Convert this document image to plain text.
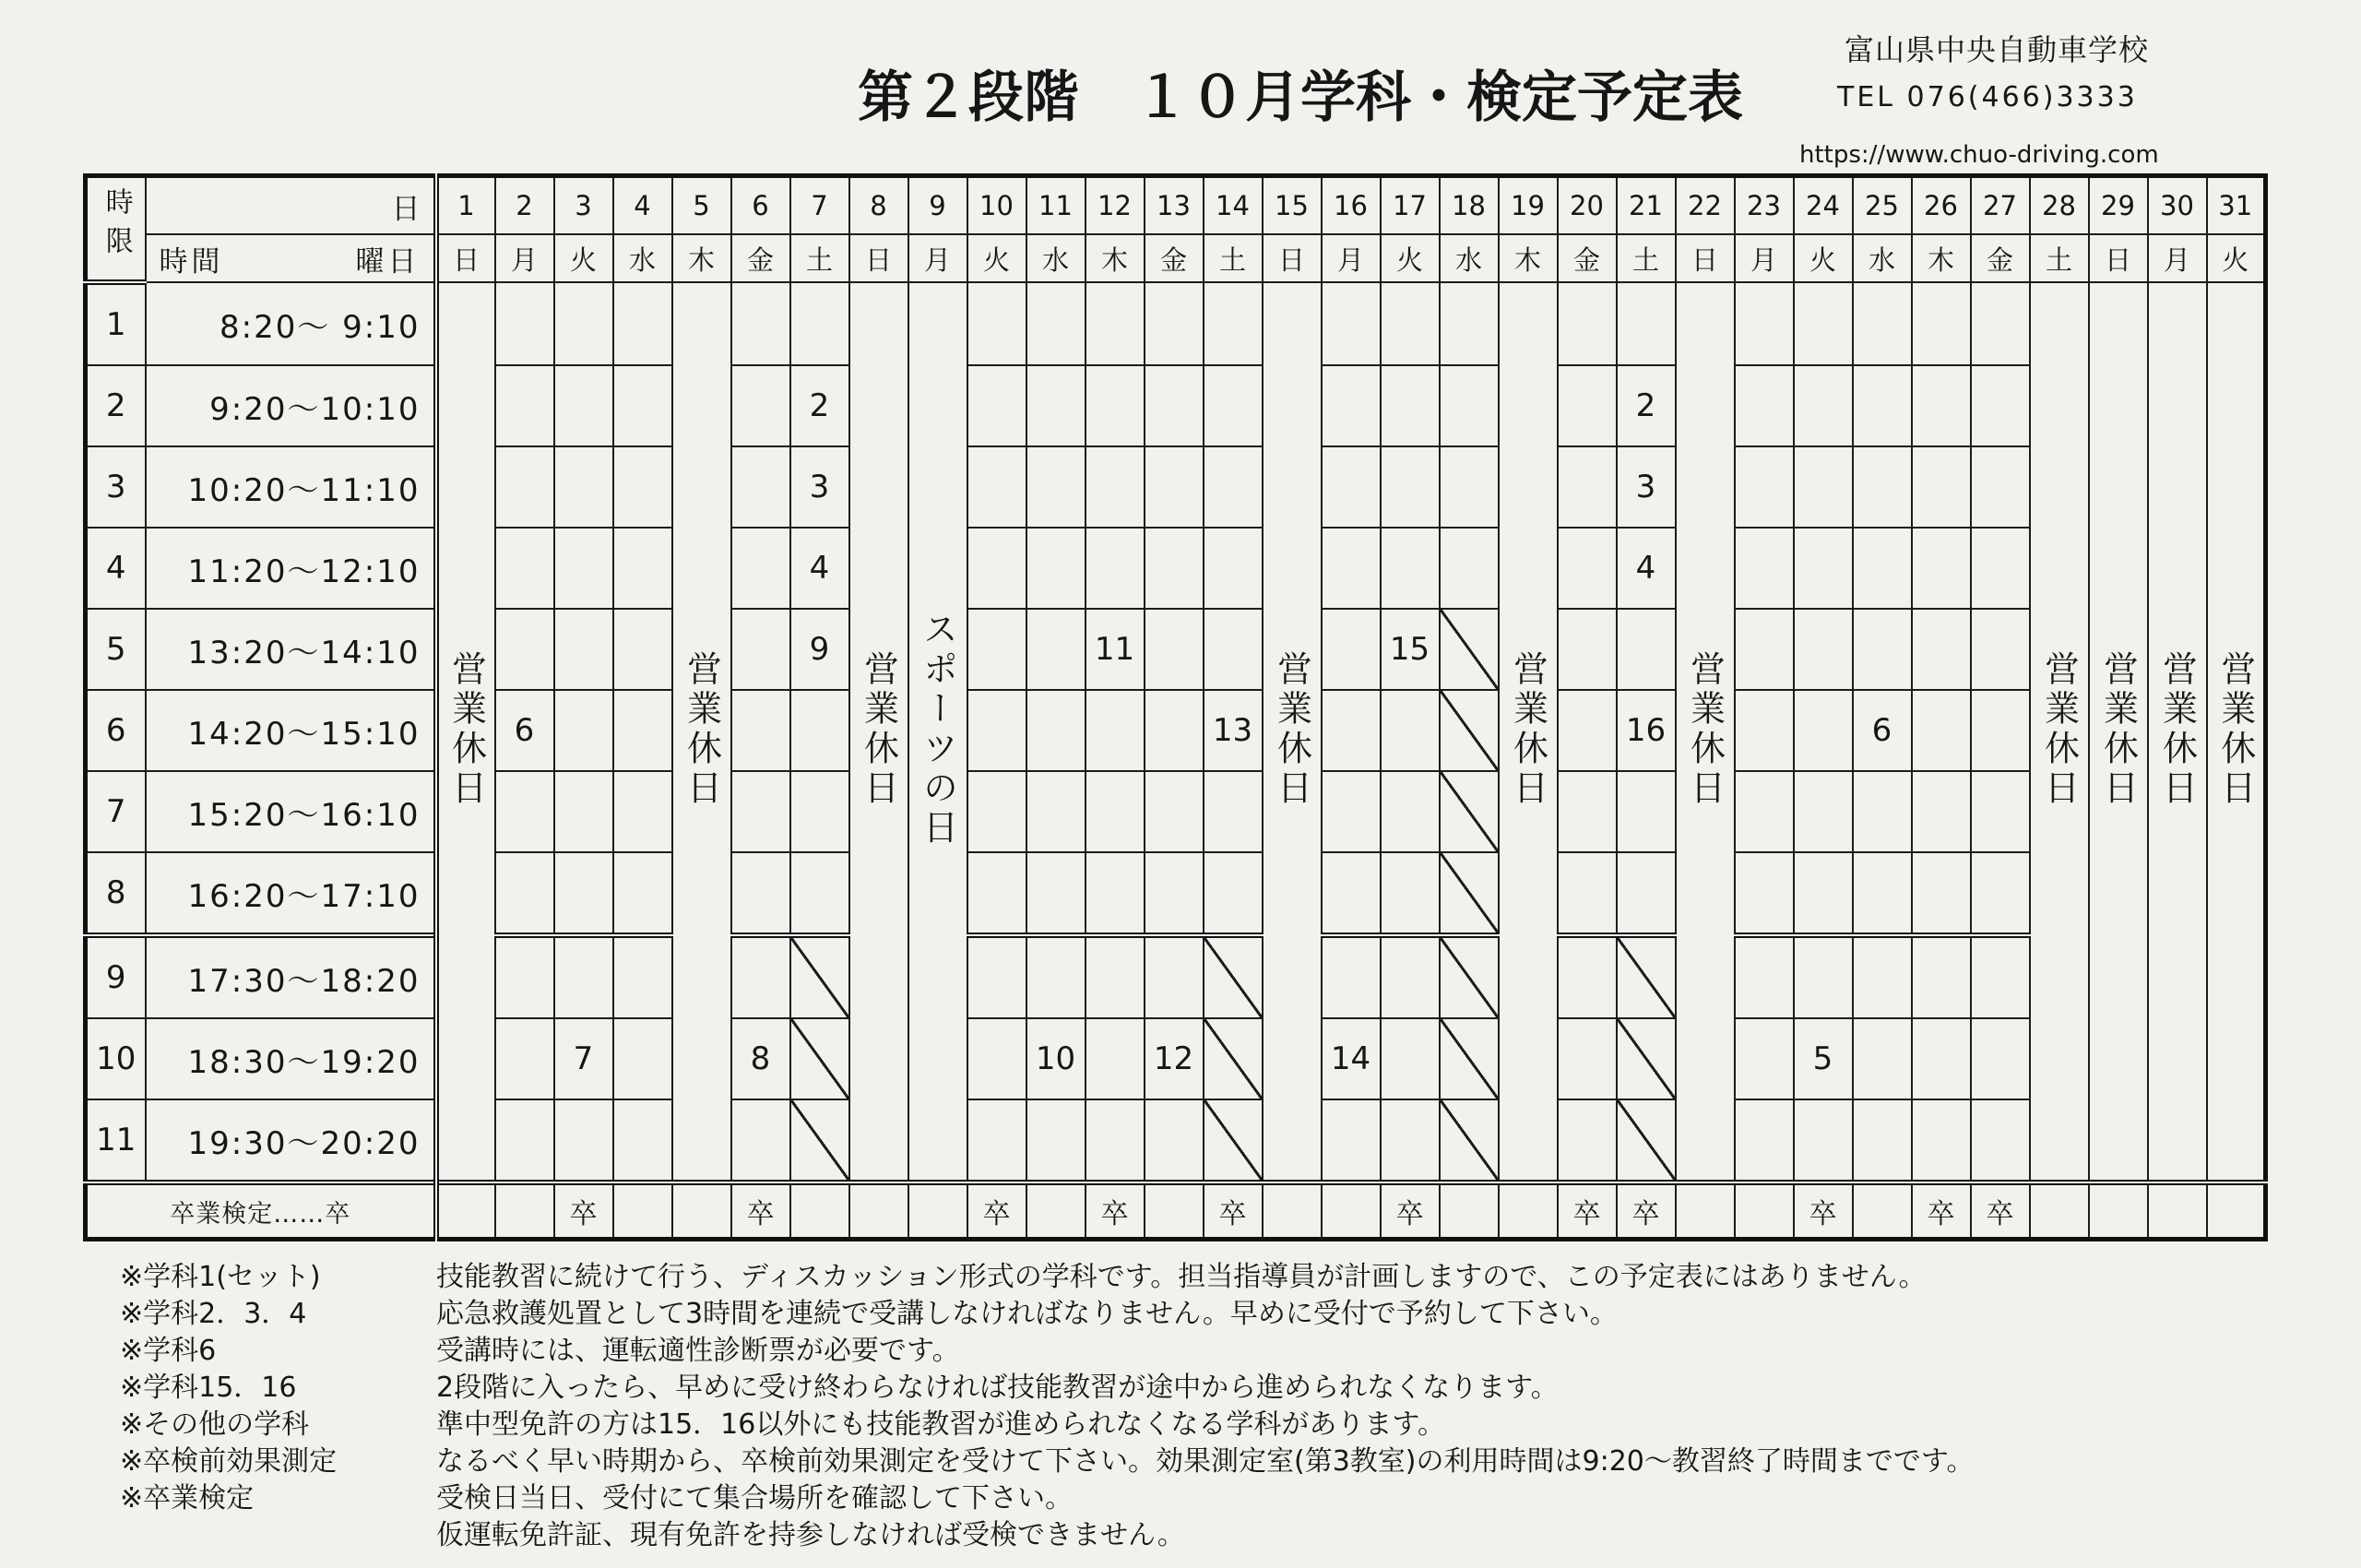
第２段階　１０月学科・検定予定表
富山県中央自動車学校
TEL 076(466)3333
https://www.chuo-driving.com
時限	日	1	2	3	4	5	6	7	8	9	10	11	12	13	14	15	16	17	18	19	20	21	22	23	24	25	26	27	28	29	30	31

	時間 曜日	日	月	火	水	木	金	土	日	月	火	水	木	金	土	日	月	火	水	木	金	土	日	月	火	水	木	金	土	日	月	火
1	8:20〜 9:10	営業休日				営業休日			営業休日	スポーツの日						営業休日				営業休日			営業休日						営業休日	営業休日	営業休日	営業休日
2	9:20〜10:10							2														2										
3	10:20〜11:10							3														3										
4	11:20〜12:10							4														4										
5	13:20〜14:10							9					11					15														
6	14:20〜15:10		6												13							16				6						
7	15:20〜16:10																															
8	16:20〜17:10																															
9	17:30〜18:20																															
10	18:30〜19:20			7			8					10		12			14								5							
11	19:30〜20:20																															
卒業検定……卒				卒			卒				卒		卒		卒			卒			卒	卒			卒		卒	卒				
※学科1(セット)	技能教習に続けて行う、ディスカッション形式の学科です。担当指導員が計画しますので、この予定表にはありません。
※学科2．3．4	応急救護処置として3時間を連続で受講しなければなりません。早めに受付で予約して下さい。
※学科6	受講時には、運転適性診断票が必要です。
※学科15．16	2段階に入ったら、早めに受け終わらなければ技能教習が途中から進められなくなります。
※その他の学科	準中型免許の方は15．16以外にも技能教習が進められなくなる学科があります。
※卒検前効果測定	なるべく早い時期から、卒検前効果測定を受けて下さい。効果測定室(第3教室)の利用時間は9:20〜教習終了時間までです。
※卒業検定	受検日当日、受付にて集合場所を確認して下さい。
仮運転免許証、現有免許を持参しなければ受検できません。
